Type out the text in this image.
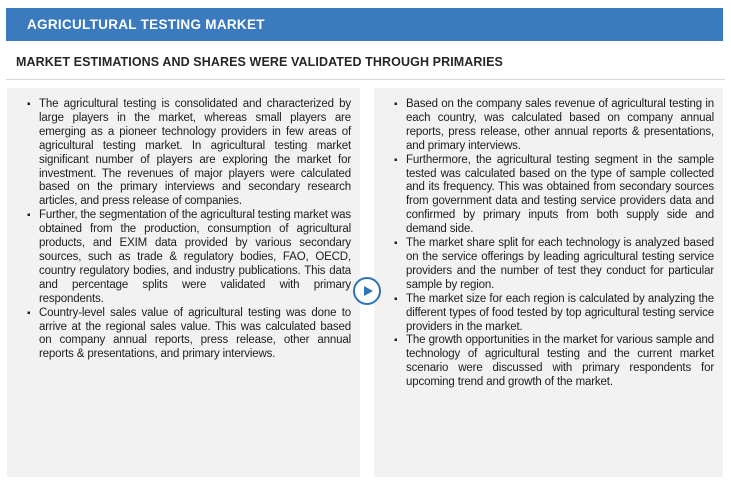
AGRICULTURAL TESTING MARKET
MARKET ESTIMATIONS AND SHARES WERE VALIDATED THROUGH PRIMARIES
▪ The agricultural testing is consolidated and characterized by large players in the market, whereas small players are emerging as a pioneer technology providers in few areas of agricultural testing market. In agricultural testing market significant number of players are exploring the market for investment. The revenues of major players were calculated based on the primary interviews and secondary research articles, and press release of companies.
▪ Further, the segmentation of the agricultural testing market was obtained from the production, consumption of agricultural products, and EXIM data provided by various secondary sources, such as trade & regulatory bodies, FAO, OECD, country regulatory bodies, and industry publications. This data and percentage splits were validated with primary respondents.
▪ Country-level sales value of agricultural testing was done to arrive at the regional sales value. This was calculated based on company annual reports, press release, other annual reports & presentations, and primary interviews.
▪ Based on the company sales revenue of agricultural testing in each country, was calculated based on company annual reports, press release, other annual reports & presentations, and primary interviews.
▪ Furthermore, the agricultural testing segment in the sample tested was calculated based on the type of sample collected and its frequency. This was obtained from secondary sources from government data and testing service providers data and confirmed by primary inputs from both supply side and demand side.
▪ The market share split for each technology is analyzed based on the service offerings by leading agricultural testing service providers and the number of test they conduct for particular sample by region.
▪ The market size for each region is calculated by analyzing the different types of food tested by top agricultural testing service providers in the market.
▪ The growth opportunities in the market for various sample and technology of agricultural testing and the current market scenario were discussed with primary respondents for upcoming trend and growth of the market.
